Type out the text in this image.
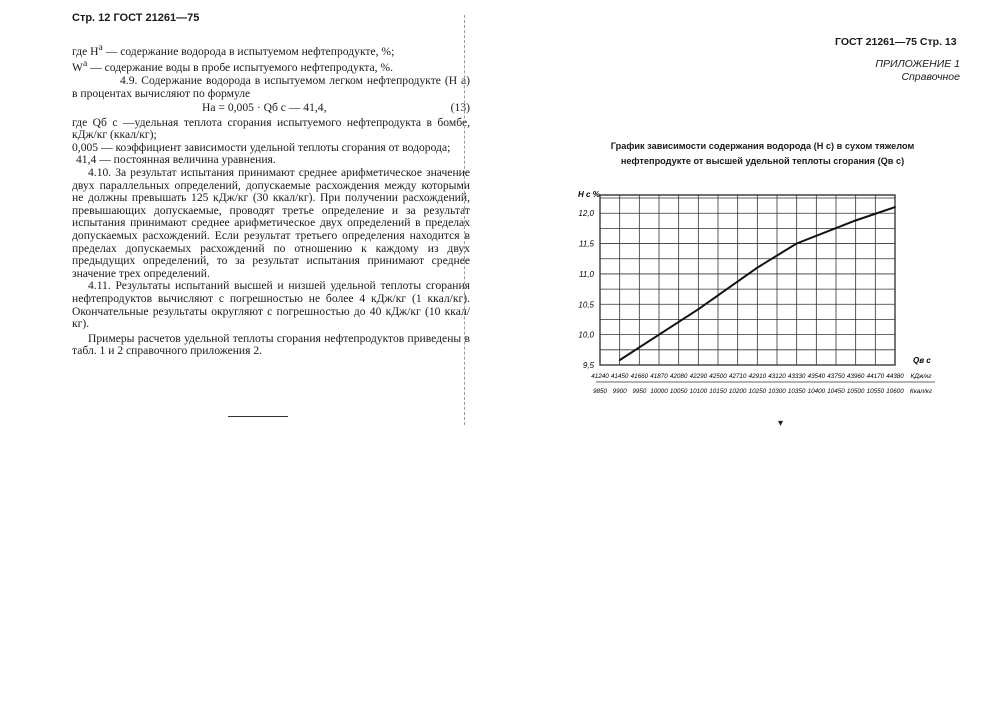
Стр. 12 ГОСТ 21261—75

где $H^а$ — содержание водорода в испытуемом нефтепродукте, %;

$W^а$ — содержание воды в пробе испытуемого нефтепродукта, %.

4.9. Содержание водорода в испытуемом легком нефтепродукте (H а) в процентах вычисляют по формуле

Hа = 0,005 · Qб с — 41,4,	(13)

где Qб с —удельная теплота сгорания испытуемого нефтепродукта в бомбе, кДж/кг (ккал/кг);

0,005 — коэффициент зависимости удельной теплоты сгорания от водорода;

41,4 — постоянная величина уравнения.

4.10. За результат испытания принимают среднее арифметическое значение двух параллельных определений, допускаемые расхождения между которыми не должны превышать 125 кДж/кг (30 ккал/кг). При получении расхождений, превышающих допускаемые, проводят третье определение и за результат испытания принимают среднее арифметическое двух определений в пределах допускаемых расхождений. Если результат третьего определения находится в пределах допускаемых расхождений по отношению к каждому из двух предыдущих определений, то за результат испытания принимают среднее значение трех определений.

4.11. Результаты испытаний высшей и низшей удельной теплоты сгорания нефтепродуктов вычисляют с погрешностью не более 4 кДж/кг (1 ккал/кг). Окончательные результаты округляют с погрешностью до 40 кДж/кг (10 ккал/кг).

Примеры расчетов удельной теплоты сгорания нефтепродуктов приведены в табл. 1 и 2 справочного приложения 2.

ГОСТ 21261—75 Стр. 13
ПРИЛОЖЕНИЕ 1
Справочное
График зависимости содержания водорода (H с) в сухом тяжелом
нефтепродукте от высшей удельной теплоты сгорания (Qв с)
9,5
10,0
10,5
11,0
11,5
12,0
H с %
41240 41450 41660 41870 42080 42290 42500 42710 42910 43120 43330 43540 43750 43960 44170 44380 КДж/кг
9850 9900 9950 10000 10050 10100 10150 10200 10250 10300 10350 10400 10450 10500 10550 10600 Ккал/кг
Qв с
▾
